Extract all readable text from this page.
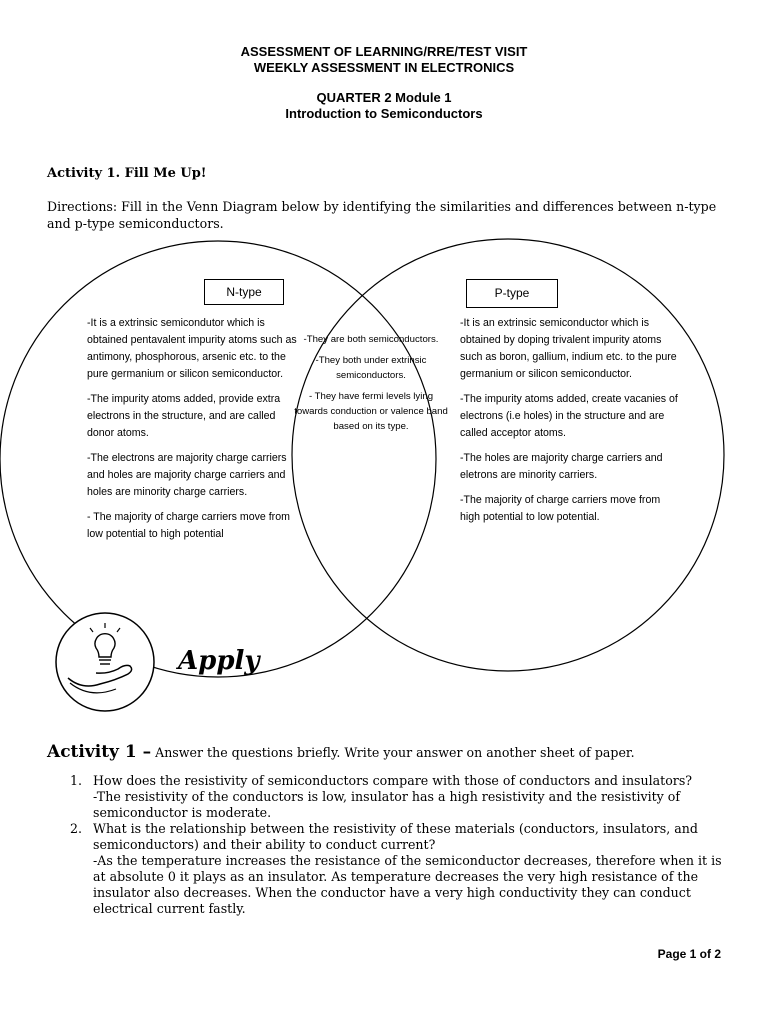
ASSESSMENT OF LEARNING/RRE/TEST VISIT
WEEKLY ASSESSMENT IN ELECTRONICS
QUARTER 2 Module 1
Introduction to Semiconductors
Activity 1. Fill Me Up!
Directions: Fill in the Venn Diagram below by identifying the similarities and differences between n-type and p-type semiconductors.
Apply
N-type	P-type

-It is a extrinsic semicondutor which is obtained pentavalent impurity atoms such as antimony, phosphorous, arsenic etc. to the pure germanium or silicon semiconductor.

-The impurity atoms added, provide extra electrons in the structure, and are called donor atoms.

-The electrons are majority charge carriers and holes are majority charge carriers and holes are minority charge carriers.

- The majority of charge carriers move from low potential to high potential

-They are both semiconductors.

-They both under extrinsic semiconductors.

- They have fermi levels lying towards conduction or valence band based on its type.

-It is an extrinsic semiconductor which is obtained by doping trivalent impurity atoms such as boron, gallium, indium etc. to the pure germanium or silicon semiconductor.

-The impurity atoms added, create vacanies of electrons (i.e holes) in the structure and are called acceptor atoms.

-The holes are majority charge carriers and eletrons are minority carriers.

-The majority of charge carriers move from high potential to low potential.

Activity 1 – Answer the questions briefly. Write your answer on another sheet of paper.
1. How does the resistivity of semiconductors compare with those of conductors and insulators?
-The resistivity of the conductors is low, insulator has a high resistivity and the resistivity of semiconductor is moderate.
2. What is the relationship between the resistivity of these materials (conductors, insulators, and semiconductors) and their ability to conduct current?
-As the temperature increases the resistance of the semiconductor decreases, therefore when it is at absolute 0 it plays as an insulator. As temperature decreases the very high resistance of the insulator also decreases. When the conductor have a very high conductivity they can conduct electrical current fastly.
Page 1 of 2
